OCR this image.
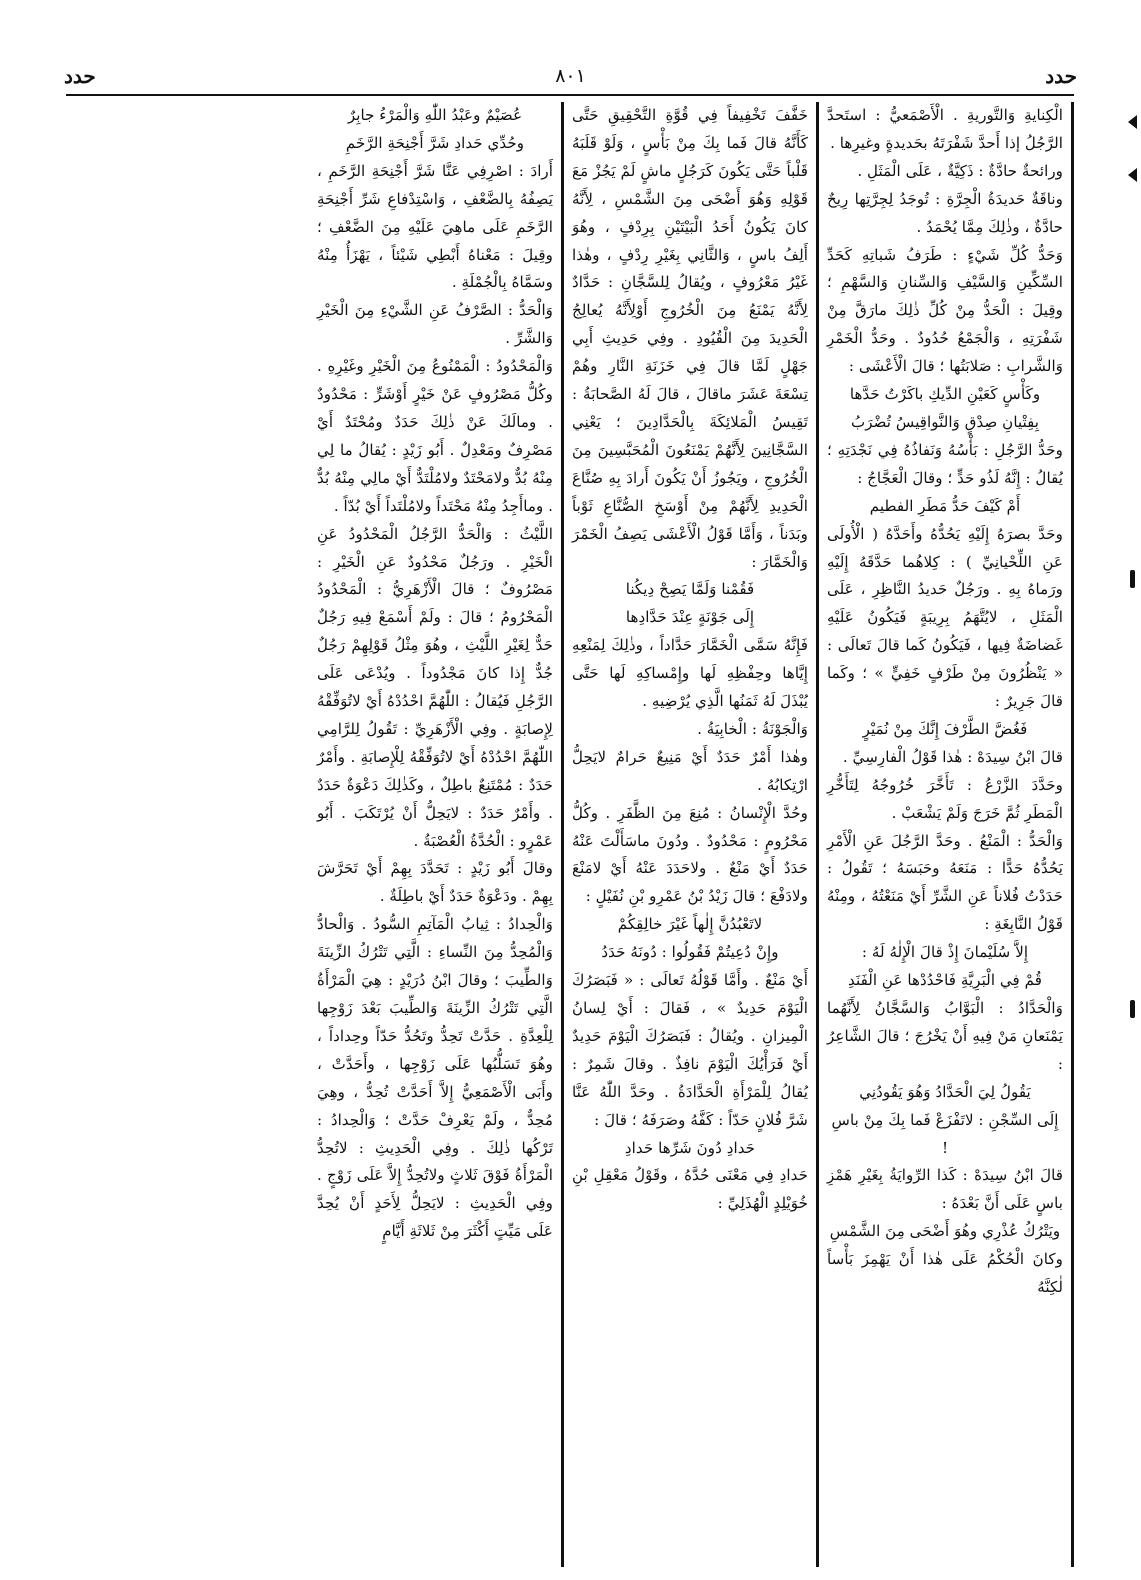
حدد	٨٠١	حدد

الْكِنايةِ وَالتَّوريةِ . الْأَصْمَعيُّ : استَحدَّ الرَّجُلُ إذا أَحدَّ شَفْرَتَهُ بحَديدةٍ وغيرِها .

ورائحةٌ حادَّةٌ : ذَكِيَّةٌ ، عَلَى الْمَثَلِ .

وناقَةٌ حَديدَةُ الْجِرَّةِ : تُوجَدُ لِجِرَّتِها رِيحٌ حادَّةٌ ، وذٰلِكَ مِمَّا يُحْمَدُ .

وَحَدُّ كُلِّ شَيْءٍ : طَرَفُ شَباتِهِ كَحَدِّ السِّكِّينِ وَالسَّيْفِ وَالسِّنانِ وَالسَّهْمِ ؛ وقِيلَ : الْحَدُّ مِنْ كُلِّ ذٰلِكَ مارَقَّ مِنْ شَفْرَتِهِ ، وَالْجَمْعُ حُدُودٌ . وحَدُّ الْخَمْرِ وَالشَّرابِ : صَلابَتُها ؛ قالَ الْأَعْشَى :

وكَأْسٍ كَعَيْنِ الدِّيكِ باكَرْتُ حَدَّها

بِفِتْيانِ صِدْقٍ وَالنَّواقِيسُ تُضْرَبُ

وحَدُّ الرَّجُلِ : بَأْسُهُ وَنَفاذُهُ فِي نَجْدَتِهِ ؛ يُقالُ : إِنَّهُ لَذُو حَدٍّ ؛ وقالَ الْعَجَّاجُ :

أَمْ كَيْفَ حَدُّ مَطَرِ الفطيم

وحَدَّ بصرَهُ إِلَيْهِ يَحُدُّهُ وأَحَدَّهُ ( الْأُولَى عَنِ اللِّحْيانِيِّ ) : كِلاهُما حَدَّقَهُ إِلَيْهِ ورَماهُ بِهِ . ورَجُلٌ حَديدُ النَّاظِرِ ، عَلَى الْمَثَلِ ، لايُتَّهَمُ بِرِيبَةٍ فَيَكُونُ عَلَيْهِ غَضاضَةٌ فِيها ، فَيَكُونُ كَما قالَ تَعالَى : « يَنْظُرُونَ مِنْ طَرْفٍ خَفِيٍّ » ؛ وكَما قالَ جَرِيرٌ :

فَغُضَّ الطَّرْفَ إِنَّكَ مِنْ نُمَيْرٍ

قالَ ابْنُ سِيدَهْ : هٰذا قَوْلُ الْفارِسِيِّ .

وحَدَّدَ الزَّرْعُ : تَأَخَّرَ خُرُوجُهُ لِتَأَخُّرِ الْمَطَرِ ثُمَّ خَرَجَ وَلَمْ يَشْعَبْ .

وَالْحَدُّ : الْمَنْعُ . وحَدَّ الرَّجُلَ عَنِ الْأَمْرِ يَحُدُّهُ حَدًّا : مَنَعَهُ وحَبَسَهُ ؛ تَقُولُ : حَدَدْتُ فُلاناً عَنِ الشَّرِّ أَيْ مَنَعْتُهُ ، ومِنْهُ قَوْلُ النَّابِغَةِ :

إِلاَّ سُلَيْمانَ إِذْ قالَ الْإِلٰهُ لَهُ :

قُمْ فِي الْبَرِيَّةِ فَاحْدُدْها عَنِ الْفَنَدِ

وَالْحَدَّادُ : الْبَوَّابُ وَالسَّجَّانُ لِأَنَّهُما يَمْنَعانِ مَنْ فِيهِ أَنْ يَخْرُجَ ؛ قالَ الشَّاعِرُ :

يَقُولُ لِيَ الْحَدَّادُ وَهُوَ يَقُودُنِي

إِلَى السِّجْنِ : لاتَفْزَعْ فَما بِكَ مِنْ باسِ !

قالَ ابْنُ سِيدَهْ : كَذا الرِّوايَةُ بِغَيْرِ هَمْزِ باسٍ عَلَى أَنَّ بَعْدَهُ :

ويَتْرُكُ عُذْرِي وهُوَ أَضْحَى مِنَ الشَّمْسِ

وكانَ الْحُكْمُ عَلَى هٰذا أَنْ يَهْمِزَ بَأْساً لٰكِنَّهُ

خَفَّفَ تَخْفِيفاً فِي قُوَّةِ التَّحْقِيقِ حَتَّى كَأَنَّهُ قالَ فَما بِكَ مِنْ بَأْسٍ ، وَلَوْ قَلَبَهُ قَلْباً حَتَّى يَكُونَ كَرَجُلٍ ماشٍ لَمْ يَجُزْ مَعَ قَوْلِهِ وَهُوَ أَضْحَى مِنَ الشَّمْسِ ، لِأَنَّهُ كانَ يَكُونُ أَحَدُ الْبَيْتَيْنِ بِرِدْفٍ ، وهُوَ أَلِفُ باسٍ ، وَالثَّانِي بِغَيْرِ رِدْفٍ ، وهٰذا غَيْرُ مَعْرُوفٍ ، ويُقالُ لِلسَّجَّانِ : حَدَّادٌ لِأَنَّهُ يَمْنَعُ مِنَ الْخُرُوجِ أَوْلِأَنَّهُ يُعالِجُ الْحَدِيدَ مِنَ الْقُيُودِ . وفِي حَدِيثِ أَبِي جَهْلٍ لَمَّا قالَ فِي خَزَنَةِ النَّارِ وهُمْ تِسْعَةَ عَشَرَ ماقالَ ، قالَ لَهُ الصَّحابَةُ : تَقِيسُ الْمَلائِكَةَ بِالْحَدَّادِينَ ؛ يَعْنِي السَّجَّانِينَ لِأَنَّهُمْ يَمْنَعُونَ الْمُحَبَّسِينَ مِنَ الْخُرُوجِ ، ويَجُوزُ أَنْ يَكُونَ أَرادَ بِهِ صُنَّاعَ الْحَدِيدِ لِأَنَّهُمْ مِنْ أَوْسَخِ الصُّنَّاعِ ثَوْباً وبَدَناً ، وَأَمَّا قَوْلُ الْأَعْشَى يَصِفُ الْخَمْرَ وَالْخَمَّارَ :

فَقُمْنا وَلَمَّا يَصِحْ دِيكُنا

إِلَى جَوْنَةٍ عِنْدَ حَدَّادِها

فَإِنَّهُ سَمَّى الْخَمَّارَ حَدَّاداً ، وذٰلِكَ لِمَنْعِهِ إِيَّاها وحِفْظِهِ لَها وإِمْساكِهِ لَها حَتَّى يُبْذَلَ لَهُ ثَمَنُها الَّذِي يُرْضِيهِ .

وَالْجَوْنَةُ : الْخابِيَةُ .

وهٰذا أَمْرٌ حَدَدٌ أَيْ مَنِيعٌ حَرامٌ لايَحِلُّ ارْتِكابُهُ .

وحُدَّ الْإِنْسانُ : مُنِعَ مِنَ الظَّفَرِ . وكُلُّ مَحْرُومٍ : مَحْدُودٌ . ودُونَ ماسَأَلْتَ عَنْهُ حَدَدٌ أَيْ مَنْعٌ . ولاحَدَدَ عَنْهُ أَيْ لامَنْعَ ولادَفْعَ ؛ قالَ زَيْدُ بْنُ عَمْرِو بْنِ نُفَيْلٍ :

لاتَعْبُدُنَّ إِلٰهاً غَيْرَ خالِقِكُمْ

وإِنْ دُعِيتُمْ فَقُولُوا : دُونَهُ حَدَدُ

أَيْ مَنْعٌ . وأَمَّا قَوْلُهُ تَعالَى : « فَبَصَرُكَ الْيَوْمَ حَدِيدٌ » ، فَقالَ : أَيْ لِسانُ الْمِيزانِ . ويُقالُ : فَبَصَرُكَ الْيَوْمَ حَدِيدٌ أَيْ فَرَأْيُكَ الْيَوْمَ نافِذٌ . وقالَ شَمِرٌ : يُقالُ لِلْمَرْأَةِ الْحَدَّادَةُ . وحَدَّ اللّٰهُ عَنَّا شَرَّ فُلانٍ حَدّاً : كَفَّهُ وصَرَفَهُ ؛ قالَ :

حَدادِ دُونَ شَرِّها حَدادِ

حَدادِ فِي مَعْنَى حُدَّهُ ، وقَوْلُ مَعْقِلِ بْنِ خُوَيْلِدٍ الْهُذَلِيِّ :

عُصَيْمٌ وعَبْدُ اللّٰهِ وَالْمَرْءُ جابِرٌ

وحُدِّي حَدادِ شَرَّ أَجْنِحَةِ الرَّخَمِ

أَرادَ : اصْرِفِي عَنَّا شَرَّ أَجْنِحَةِ الرَّخَمِ ، يَصِفُهُ بِالضَّعْفِ ، وَاسْتِدْفاعِ شَرِّ أَجْنِحَةِ الرَّخَمِ عَلَى ماهِيَ عَلَيْهِ مِنَ الضَّعْفِ ؛ وقِيلَ : مَعْناهُ أَبْطِي شَيْئاً ، يَهْزَأُ مِنْهُ وسَمَّاهُ بِالْجُمْلَةِ .

وَالْحَدُّ : الصَّرْفُ عَنِ الشَّيْءِ مِنَ الْخَيْرِ وَالشَّرِّ .

وَالْمَحْدُودُ : الْمَمْنُوعُ مِنَ الْخَيْرِ وغَيْرِهِ . وكُلُّ مَصْرُوفٍ عَنْ خَيْرٍ أَوْشَرٍّ : مَحْدُودٌ . ومالَكَ عَنْ ذٰلِكَ حَدَدٌ ومُحْتَدٌ أَيْ مَصْرِفٌ ومَعْدِلٌ . أَبُو زَيْدٍ : يُقالُ ما لِي مِنْهُ بُدٌّ ولامَحْتَدٌ ولامُلْتَدٌّ أَيْ مالِي مِنْهُ بُدٌّ . وماأَجِدُ مِنْهُ مَحْتَداً ولامُلْتَداً أَيْ بُدّاً .

اللَّيْثُ : وَالْحَدُّ الرَّجُلُ الْمَحْدُودُ عَنِ الْخَيْرِ . ورَجُلٌ مَحْدُودٌ عَنِ الْخَيْرِ : مَصْرُوفٌ ؛ قالَ الْأَزْهَرِيُّ : الْمَحْدُودُ الْمَحْرُومُ ؛ قالَ : ولَمْ أَسْمَعْ فِيهِ رَجُلٌ حَدٌّ لِغَيْرِ اللَّيْثِ ، وهُوَ مِثْلُ قَوْلِهِمْ رَجُلٌ جُدٌّ إِذا كانَ مَجْدُوداً . ويُدْعَى عَلَى الرَّجُلِ فَيُقالُ : اللّٰهُمَّ احْدُدْهُ أَيْ لاتُوَفِّقْهُ لِإِصابَةٍ . وفِي الْأَزْهَرِيِّ : تَقُولُ لِلرَّامِي اللّٰهُمَّ احْدُدْهُ أَيْ لاتُوَفِّقْهُ لِلْإِصابَةِ . وأَمْرٌ حَدَدٌ : مُمْتَنِعٌ باطِلٌ ، وكَذٰلِكَ دَعْوَةٌ حَدَدٌ . وأَمْرٌ حَدَدٌ : لايَحِلُّ أَنْ يُرْتَكَبَ . أَبُو عَمْرٍو : الْحُدَّةُ الْعُصْبَةُ .

وقالَ أَبُو زَيْدٍ : تَحَدَّدَ بِهِمْ أَيْ تَحَرَّشَ بِهِمْ . ودَعْوَةٌ حَدَدٌ أَيْ باطِلَةٌ .

وَالْحِدادُ : ثِيابُ الْمَآتِمِ السُّودُ . وَالْحادُّ وَالْمُحِدُّ مِنَ النِّساءِ : الَّتِي تَتْرُكُ الزِّينَةَ وَالطِّيبَ ؛ وقالَ ابْنُ دُرَيْدٍ : هِيَ الْمَرْأَةُ الَّتِي تَتْرُكُ الزِّينَةَ وَالطِّيبَ بَعْدَ زَوْجِها لِلْعِدَّةِ . حَدَّتْ تَحِدُّ وتَحُدُّ حَدّاً وحِداداً ، وهُوَ تَسَلُّبُها عَلَى زَوْجِها ، وأَحَدَّتْ ، وأَبَى الْأَصْمَعِيُّ إِلاَّ أَحَدَّتْ تُحِدُّ ، وهِيَ مُحِدٌّ ، ولَمْ يَعْرِفْ حَدَّتْ ؛ وَالْحِدادُ : تَرْكُها ذٰلِكَ . وفِي الْحَدِيثِ : لاتُحِدُّ الْمَرْأَةُ فَوْقَ ثَلاثٍ ولاتُحِدُّ إِلاَّ عَلَى زَوْجٍ . وفِي الْحَدِيثِ : لايَحِلُّ لِأَحَدٍ أَنْ يُحِدَّ عَلَى مَيِّتٍ أَكْثَرَ مِنْ ثَلاثَةِ أَيَّامٍ
